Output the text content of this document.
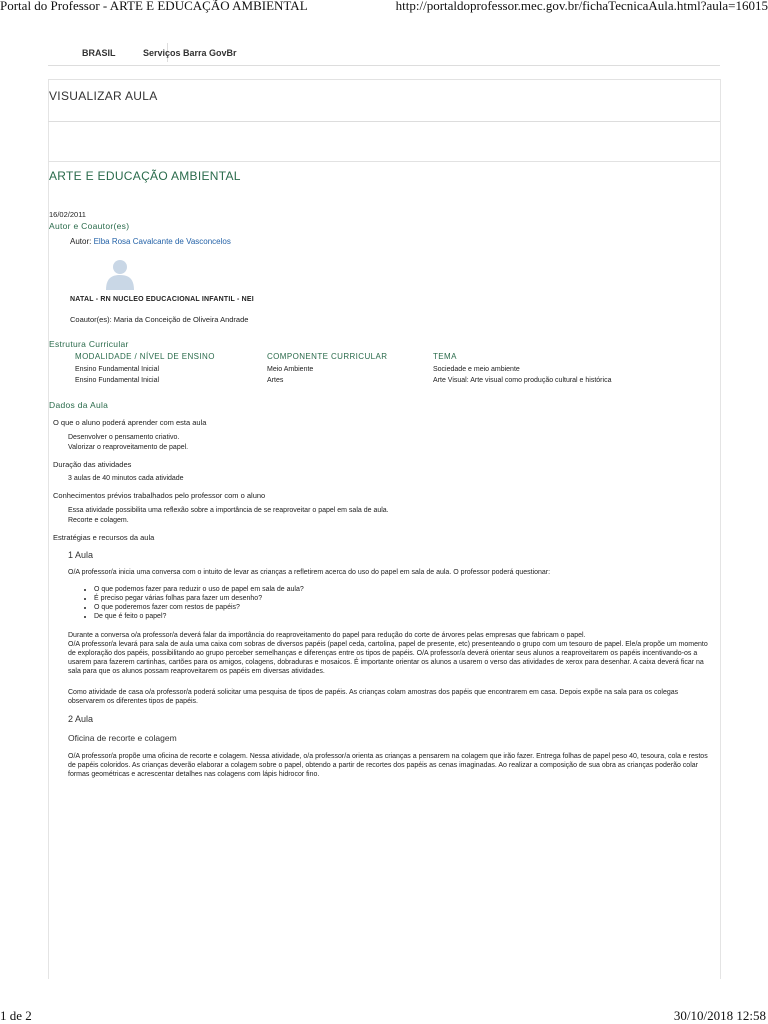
Portal do Professor - ARTE E EDUCAÇÃO AMBIENTAL	http://portaldoprofessor.mec.gov.br/fichaTecnicaAula.html?aula=16015
BRASIL	Serviços Barra GovBr
VISUALIZAR AULA
ARTE E EDUCAÇÃO AMBIENTAL
16/02/2011
Autor e Coautor(es)
Autor: Elba Rosa Cavalcante de Vasconcelos
NATAL - RN NUCLEO EDUCACIONAL INFANTIL - NEI
Coautor(es): Maria da Conceição de Oliveira Andrade
Estrutura Curricular
MODALIDADE / NÍVEL DE ENSINO	COMPONENTE CURRICULAR	TEMA
Ensino Fundamental Inicial	Meio Ambiente	Sociedade e meio ambiente
Ensino Fundamental Inicial	Artes	Arte Visual: Arte visual como produção cultural e histórica
Dados da Aula
O que o aluno poderá aprender com esta aula
Desenvolver o pensamento criativo.
Valorizar o reaproveitamento de papel.
Duração das atividades
3 aulas de 40 minutos cada atividade
Conhecimentos prévios trabalhados pelo professor com o aluno
Essa atividade possibilita uma reflexão sobre a importância de se reaproveitar o papel em sala de aula.
Recorte e colagem.
Estratégias e recursos da aula
1 Aula
O/A professor/a inicia uma conversa com o intuito de levar as crianças a refletirem acerca do uso do papel em sala de aula. O professor poderá questionar:
• O que podemos fazer para reduzir o uso de papel em sala de aula?
• É preciso pegar várias folhas para fazer um desenho?
• O que poderemos fazer com restos de papéis?
• De que é feito o papel?
Durante a conversa o/a professor/a deverá falar da importância do reaproveitamento do papel para redução do corte de árvores pelas empresas que fabricam o papel.
O/A professor/a levará para sala de aula uma caixa com sobras de diversos papéis (papel ceda, cartolina, papel de presente, etc) presenteando o grupo com um tesouro de papel. Ele/a propõe um momento de exploração dos papéis, possibilitando ao grupo perceber semelhanças e diferenças entre os tipos de papéis. O/A professor/a deverá orientar seus alunos a reaproveitarem os papéis incentivando-os a usarem para fazerem cartinhas, cartões para os amigos, colagens, dobraduras e mosaicos. É importante orientar os alunos a usarem o verso das atividades de xerox para desenhar. A caixa deverá ficar na sala para que os alunos possam reaproveitarem os papéis em diversas atividades.
Como atividade de casa o/a professor/a poderá solicitar uma pesquisa de tipos de papéis. As crianças colam amostras dos papéis que encontrarem em casa. Depois expõe na sala para os colegas observarem os diferentes tipos de papéis.
2 Aula
Oficina de recorte e colagem
O/A professor/a propõe uma oficina de recorte e colagem. Nessa atividade, o/a professor/a orienta as crianças a pensarem na colagem que irão fazer. Entrega folhas de papel peso 40, tesoura, cola e restos de papéis coloridos. As crianças deverão elaborar a colagem sobre o papel, obtendo a partir de recortes dos papéis as cenas imaginadas. Ao realizar a composição de sua obra as crianças poderão colar formas geométricas e acrescentar detalhes nas colagens com lápis hidrocor fino.
1 de 2	30/10/2018 12:58
